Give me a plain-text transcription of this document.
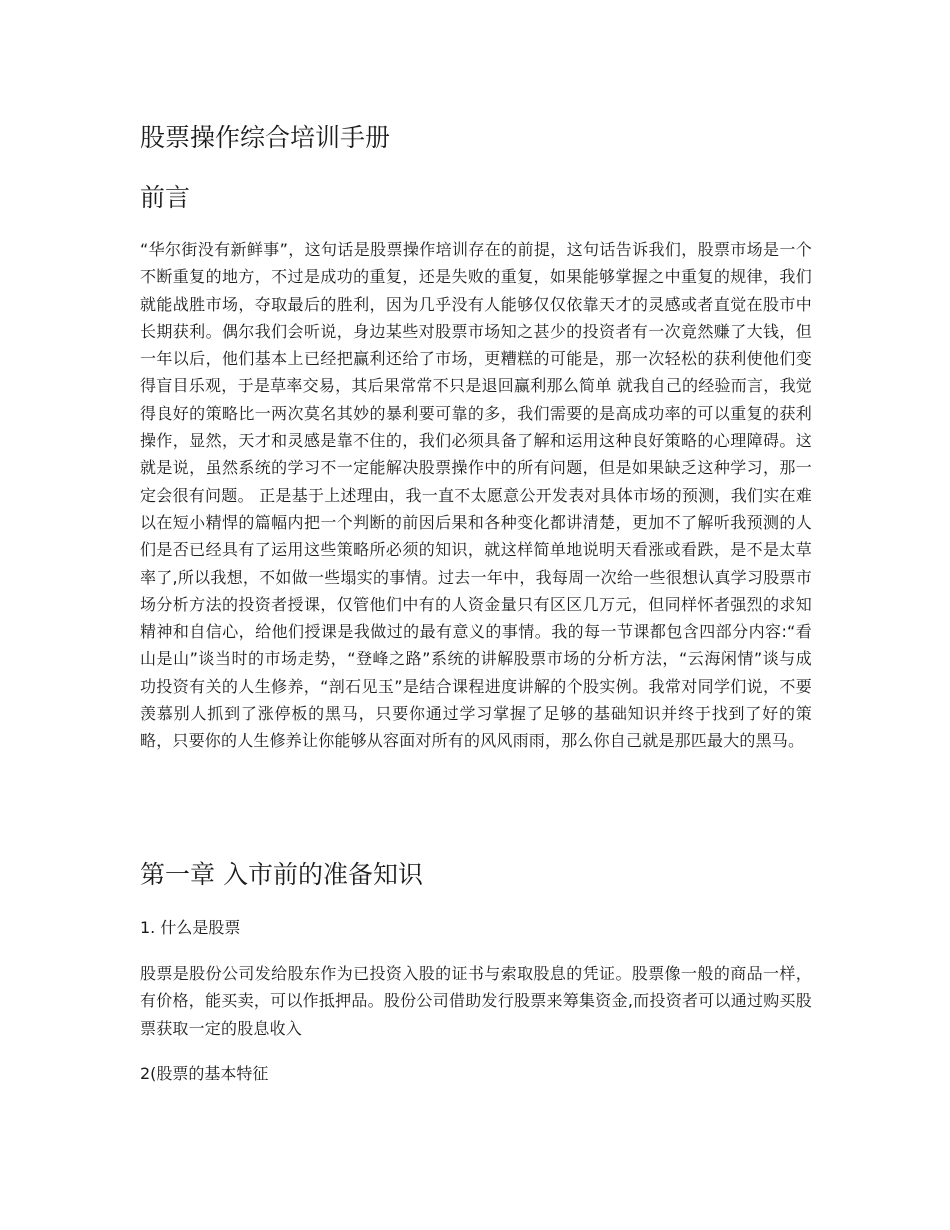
股票操作综合培训手册
前言

“华尔街没有新鲜事”，这句话是股票操作培训存在的前提，这句话告诉我们，股票市场是一个不断重复的地方，不过是成功的重复，还是失败的重复，如果能够掌握之中重复的规律，我们就能战胜市场，夺取最后的胜利，因为几乎没有人能够仅仅依靠天才的灵感或者直觉在股市中长期获利。偶尔我们会听说，身边某些对股票市场知之甚少的投资者有一次竟然赚了大钱，但一年以后，他们基本上已经把赢利还给了市场，更糟糕的可能是，那一次轻松的获利使他们变得盲目乐观，于是草率交易，其后果常常不只是退回赢利那么简单 就我自己的经验而言，我觉得良好的策略比一两次莫名其妙的暴利要可靠的多，我们需要的是高成功率的可以重复的获利操作，显然，天才和灵感是靠不住的，我们必须具备了解和运用这种良好策略的心理障碍。这就是说，虽然系统的学习不一定能解决股票操作中的所有问题，但是如果缺乏这种学习，那一定会很有问题。 正是基于上述理由，我一直不太愿意公开发表对具体市场的预测，我们实在难以在短小精悍的篇幅内把一个判断的前因后果和各种变化都讲清楚，更加不了解听我预测的人们是否已经具有了运用这些策略所必须的知识，就这样简单地说明天看涨或看跌，是不是太草率了,所以我想，不如做一些塌实的事情。过去一年中，我每周一次给一些很想认真学习股票市场分析方法的投资者授课，仅管他们中有的人资金量只有区区几万元，但同样怀者强烈的求知精神和自信心，给他们授课是我做过的最有意义的事情。我的每一节课都包含四部分内容:“看山是山”谈当时的市场走势，“登峰之路”系统的讲解股票市场的分析方法，“云海闲情”谈与成功投资有关的人生修养，“剖石见玉”是结合课程进度讲解的个股实例。我常对同学们说，不要羡慕别人抓到了涨停板的黑马，只要你通过学习掌握了足够的基础知识并终于找到了好的策略，只要你的人生修养让你能够从容面对所有的风风雨雨，那么你自己就是那匹最大的黑马。

第一章 入市前的准备知识
1. 什么是股票

股票是股份公司发给股东作为已投资入股的证书与索取股息的凭证。股票像一般的商品一样，有价格，能买卖，可以作抵押品。股份公司借助发行股票来筹集资金,而投资者可以通过购买股票获取一定的股息收入

2(股票的基本特征
